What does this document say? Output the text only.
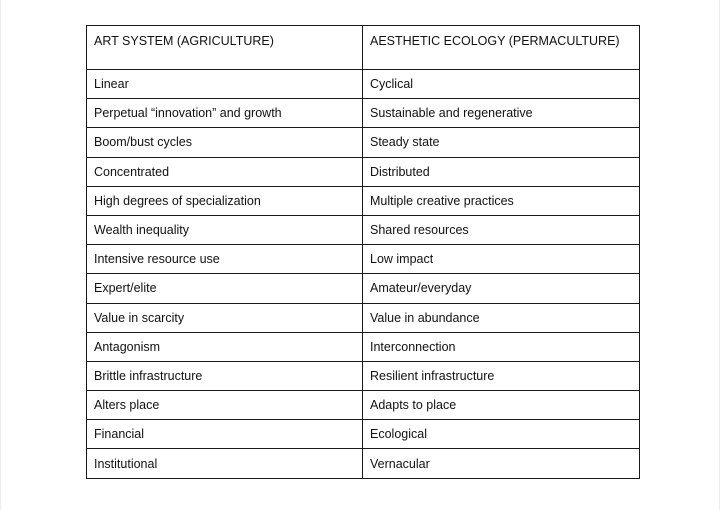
ART SYSTEM (AGRICULTURE)	AESTHETIC ECOLOGY (PERMACULTURE)
Linear	Cyclical
Perpetual “innovation” and growth	Sustainable and regenerative
Boom/bust cycles	Steady state
Concentrated	Distributed
High degrees of specialization	Multiple creative practices
Wealth inequality	Shared resources
Intensive resource use	Low impact
Expert/elite	Amateur/everyday
Value in scarcity	Value in abundance
Antagonism	Interconnection
Brittle infrastructure	Resilient infrastructure
Alters place	Adapts to place
Financial	Ecological
Institutional	Vernacular
